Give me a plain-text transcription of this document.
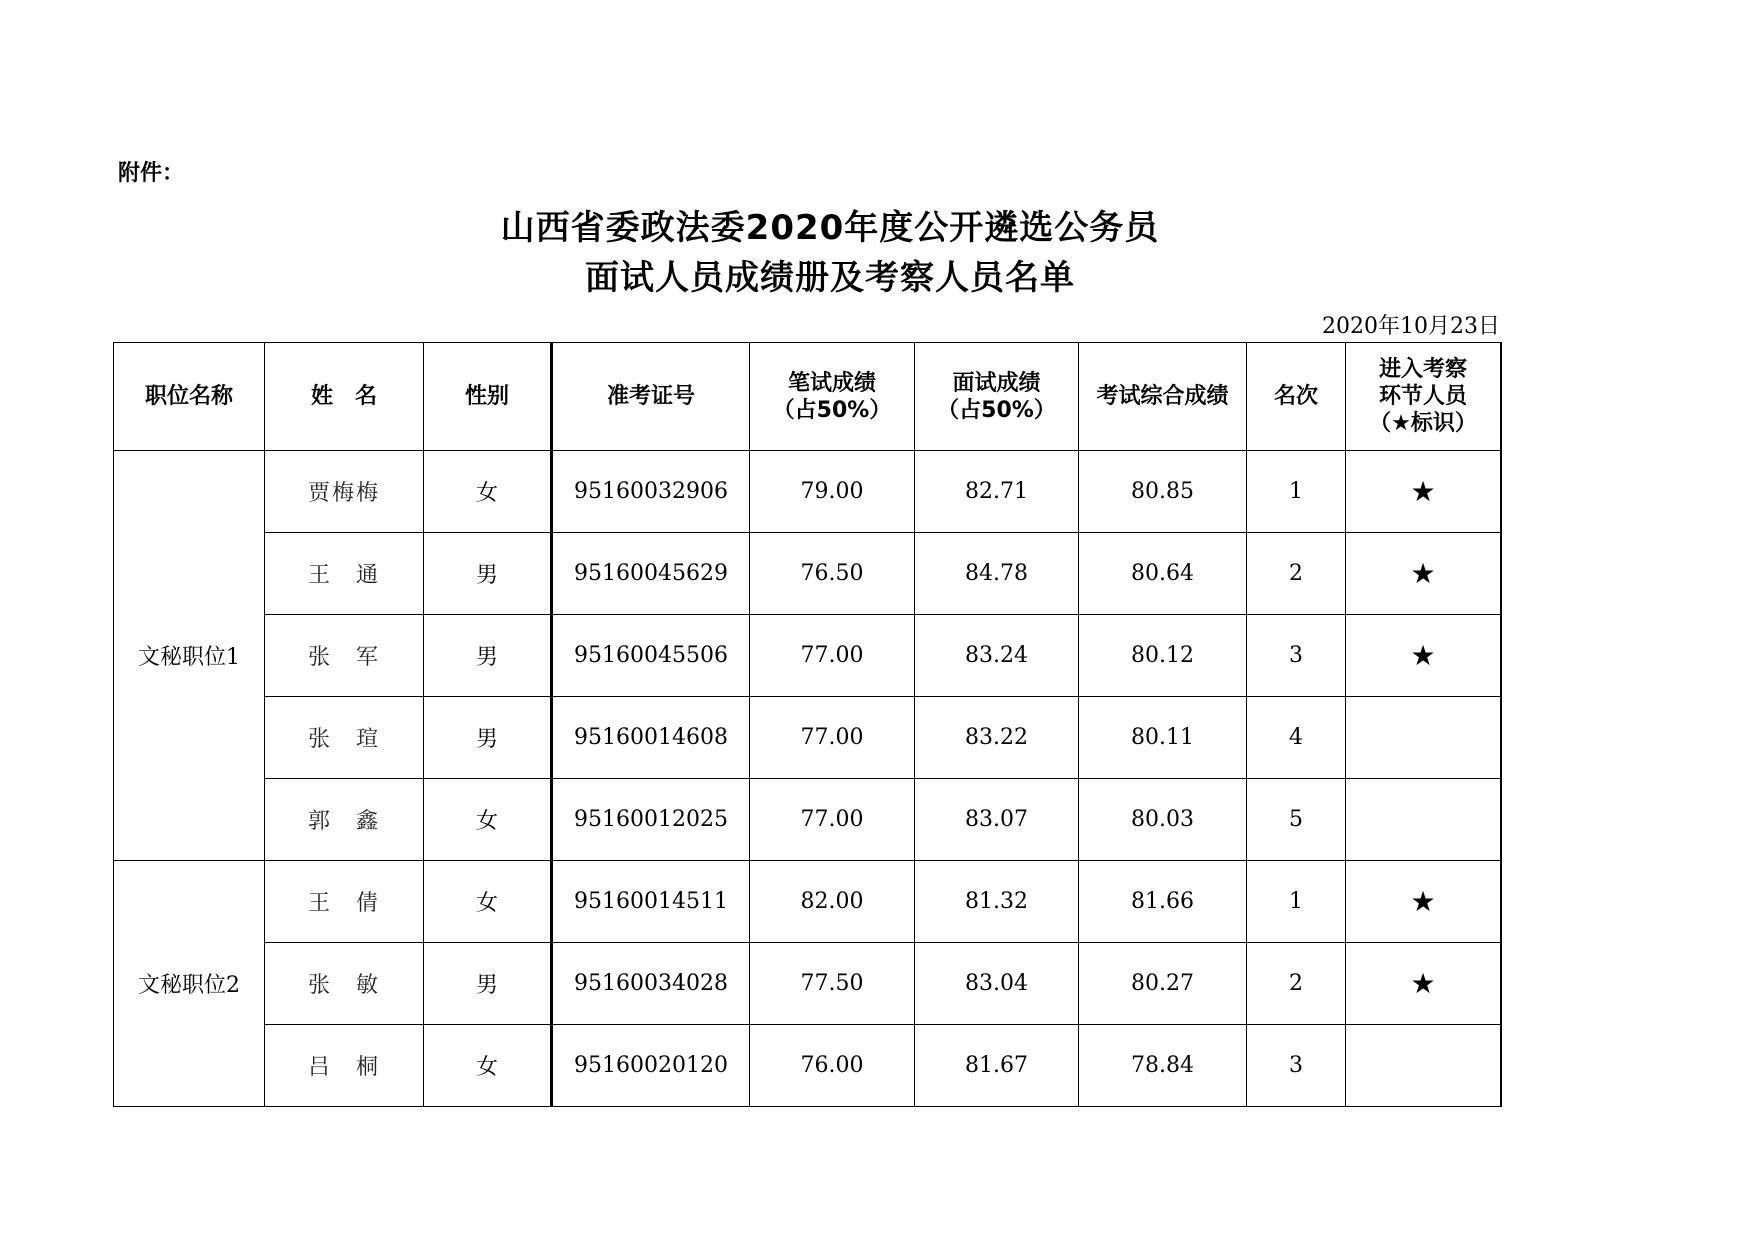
附件：
山西省委政法委2020年度公开遴选公务员
面试人员成绩册及考察人员名单
2020年10月23日
职位名称	姓　名	性别	准考证号	笔试成绩
（占50%）	面试成绩
（占50%）	考试综合成绩	名次	进入考察
环节人员
（★标识）
文秘职位1	贾梅梅	女	95160032906	79.00	82.71	80.85	1	★
	王　通	男	95160045629	76.50	84.78	80.64	2	★
	张　军	男	95160045506	77.00	83.24	80.12	3	★
	张　瑄	男	95160014608	77.00	83.22	80.11	4	
	郭　鑫	女	95160012025	77.00	83.07	80.03	5	
文秘职位2	王　倩	女	95160014511	82.00	81.32	81.66	1	★
	张　敏	男	95160034028	77.50	83.04	80.27	2	★
	吕　桐	女	95160020120	76.00	81.67	78.84	3	
